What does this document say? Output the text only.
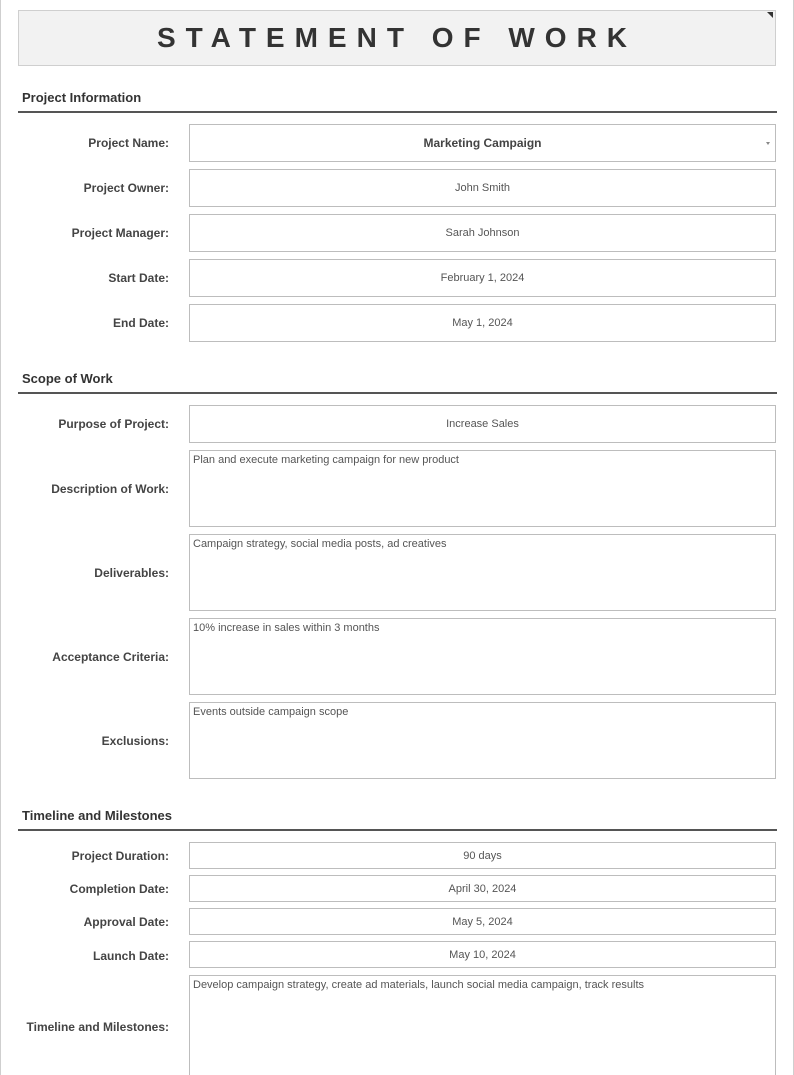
STATEMENT OF WORK
Project Information
Project Name:	Marketing Campaign
Project Owner:	John Smith
Project Manager:	Sarah Johnson
Start Date:	February 1, 2024
End Date:	May 1, 2024
Scope of Work
Purpose of Project:	Increase Sales
Description of Work:
Plan and execute marketing campaign for new product
Deliverables:
Campaign strategy, social media posts, ad creatives
Acceptance Criteria:
10% increase in sales within 3 months
Exclusions:
Events outside campaign scope
Timeline and Milestones
Project Duration:	90 days
Completion Date:	April 30, 2024
Approval Date:	May 5, 2024
Launch Date:	May 10, 2024
Timeline and Milestones:
Develop campaign strategy, create ad materials, launch social media campaign, track results
